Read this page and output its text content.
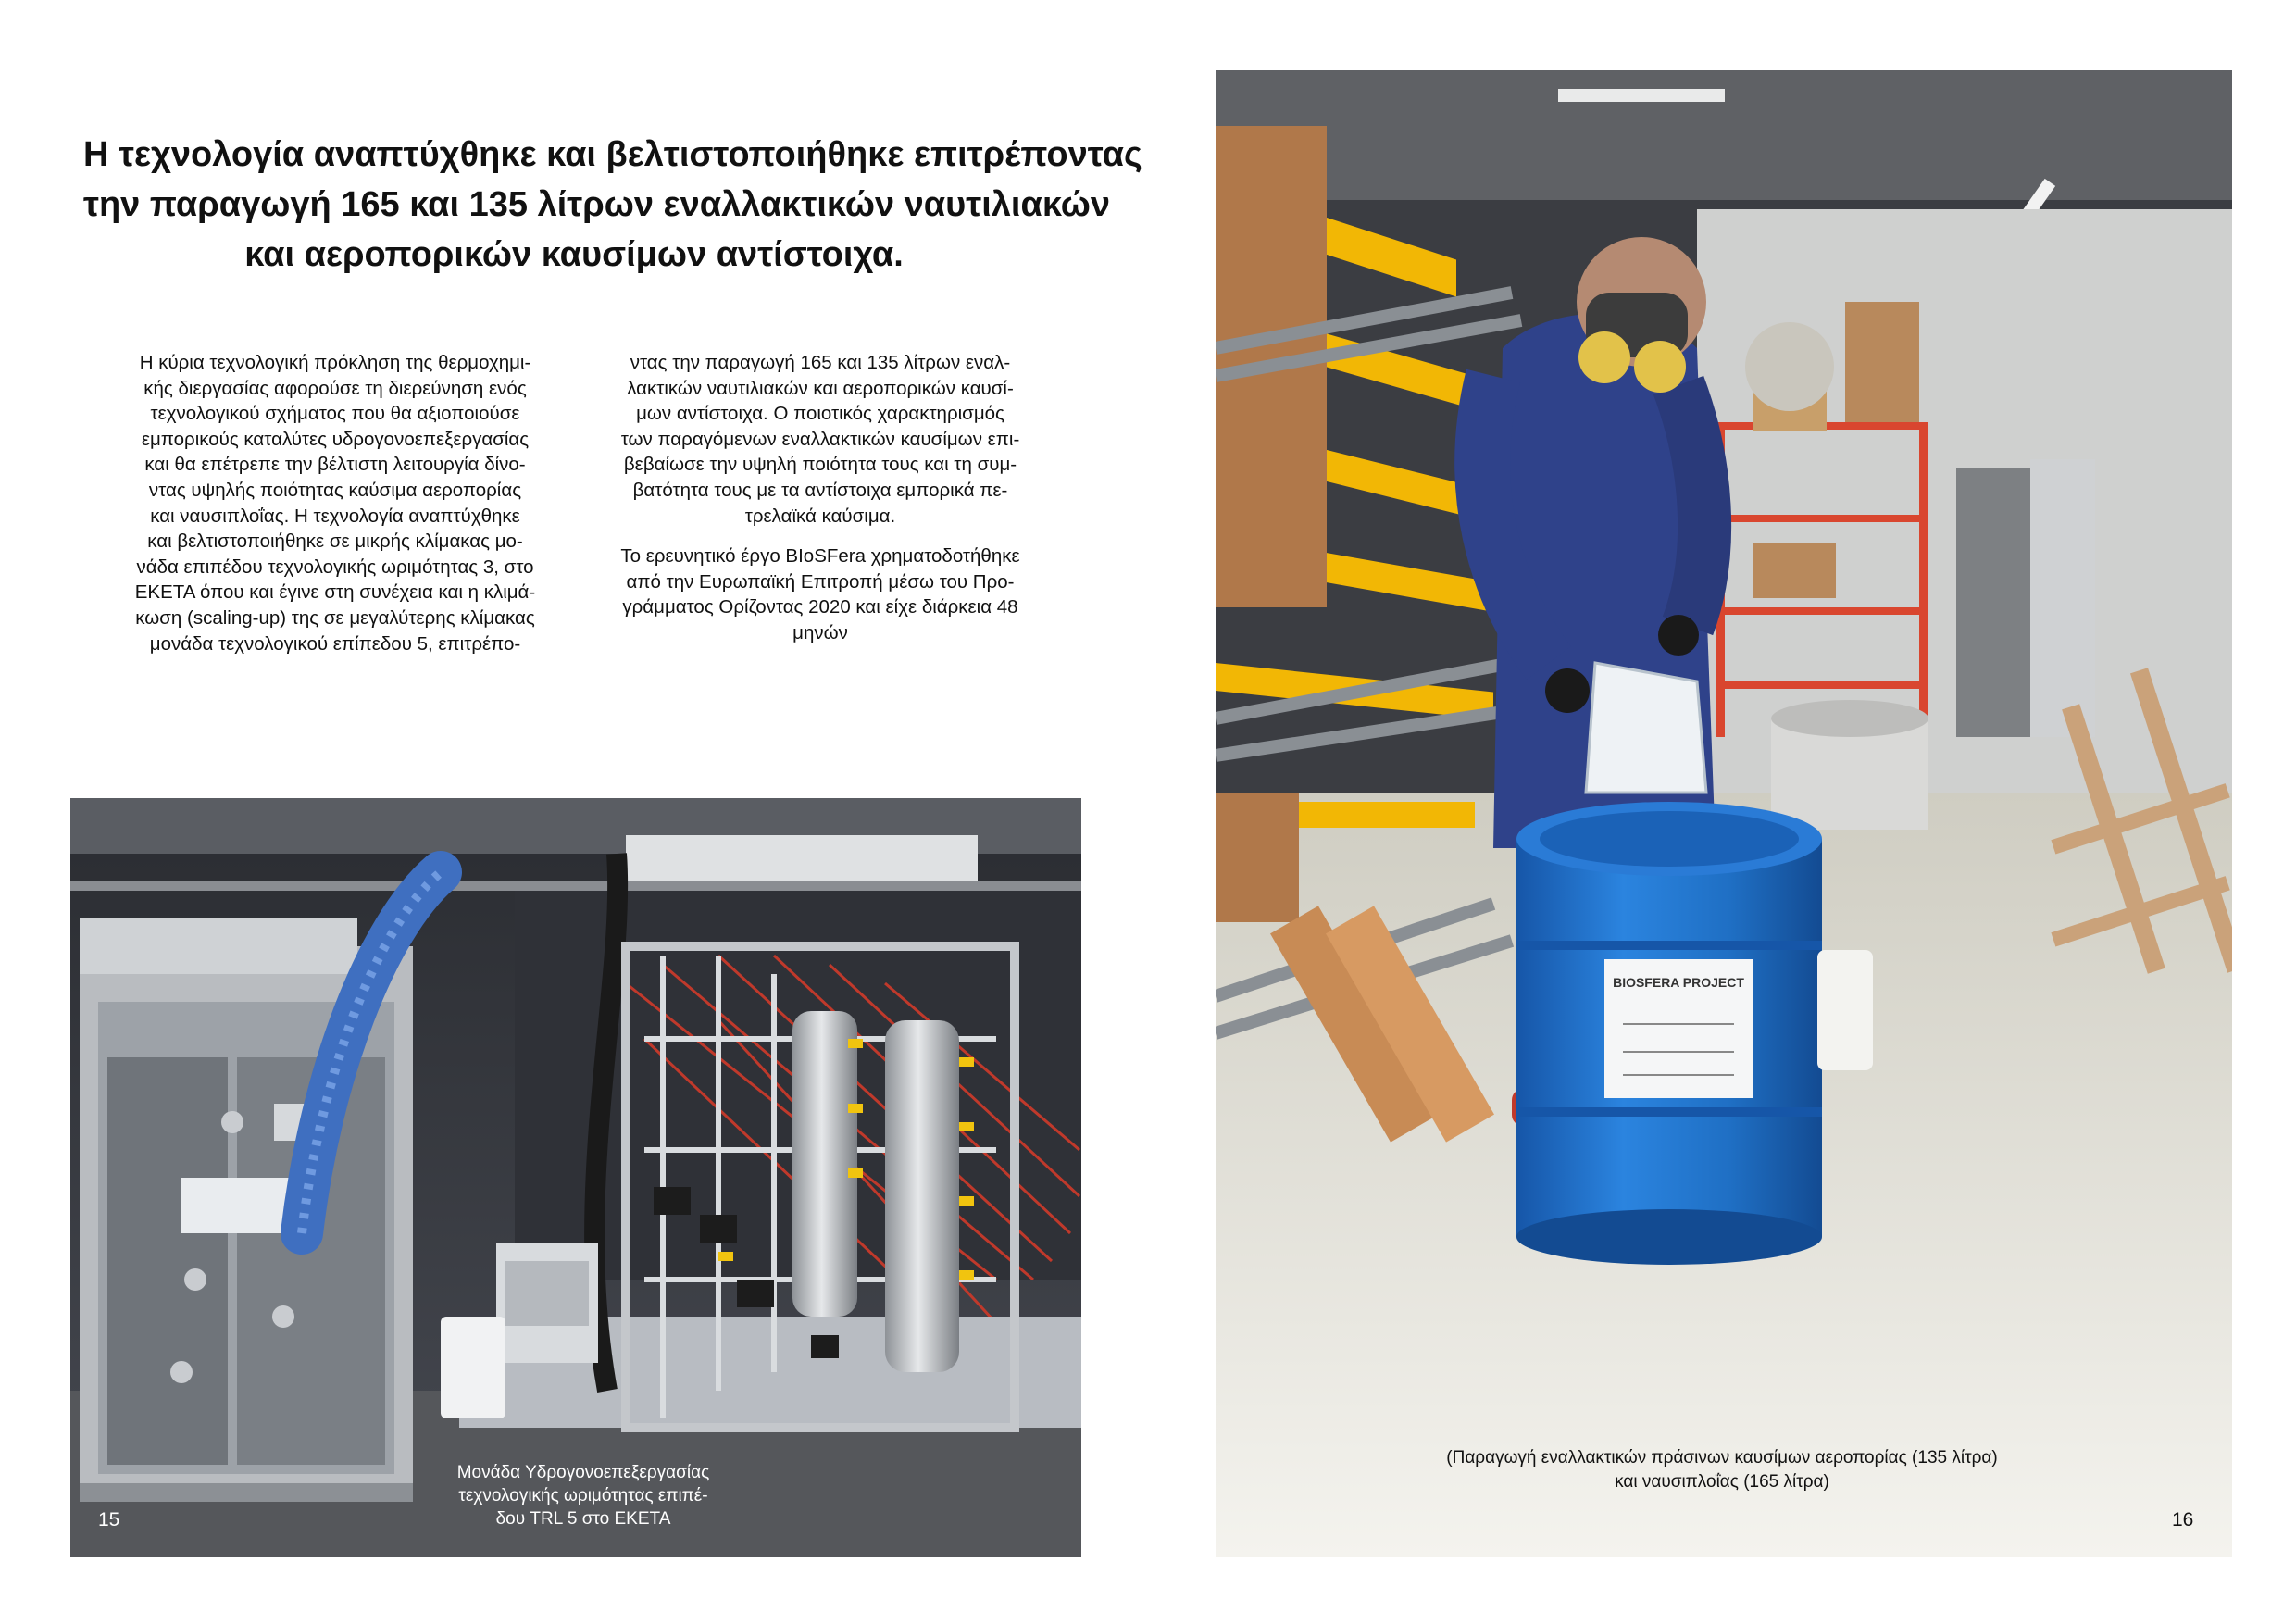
Η τεχνολογία αναπτύχθηκε και βελτιστοποιήθηκε επιτρέποντας
την παραγωγή 165 και 135 λίτρων εναλλακτικών ναυτιλιακών
και αεροπορικών καυσίμων αντίστοιχα.
Η κύρια τεχνολογική πρόκληση της θερμοχημι-
κής διεργασίας αφορούσε τη διερεύνηση ενός
τεχνολογικού σχήματος που θα αξιοποιούσε
εμπορικούς καταλύτες υδρογονοεπεξεργασίας
και θα επέτρεπε την βέλτιστη λειτουργία δίνο-
ντας υψηλής ποιότητας καύσιμα αεροπορίας
και ναυσιπλοΐας. Η τεχνολογία αναπτύχθηκε
και βελτιστοποιήθηκε σε μικρής κλίμακας μο-
νάδα επιπέδου τεχνολογικής ωριμότητας 3, στο
ΕΚΕΤΑ όπου και έγινε στη συνέχεια και η κλιμά-
κωση (scaling-up) της σε μεγαλύτερης κλίμακας
μονάδα τεχνολογικού επίπεδου 5, επιτρέπο-
ντας την παραγωγή 165 και 135 λίτρων εναλ-
λακτικών ναυτιλιακών και αεροπορικών καυσί-
μων αντίστοιχα. Ο ποιοτικός χαρακτηρισμός
των παραγόμενων εναλλακτικών καυσίμων επι-
βεβαίωσε την υψηλή ποιότητα τους και τη συμ-
βατότητα τους με τα αντίστοιχα εμπορικά πε-
τρελαϊκά καύσιμα.
Το ερευνητικό έργο BIoSFera χρηματοδοτήθηκε
από την Ευρωπαϊκή Επιτροπή μέσω του Προ-
γράμματος Ορίζοντας 2020 και είχε διάρκεια 48
μηνών
Μονάδα Υδρογονοεπεξεργασίας
τεχνολογικής ωριμότητας επιπέ-
δου TRL 5 στο ΕΚΕΤΑ
15
BIOSFERA PROJECT
(Παραγωγή εναλλακτικών πράσινων καυσίμων αεροπορίας (135 λίτρα)
και ναυσιπλοΐας (165 λίτρα)
16
